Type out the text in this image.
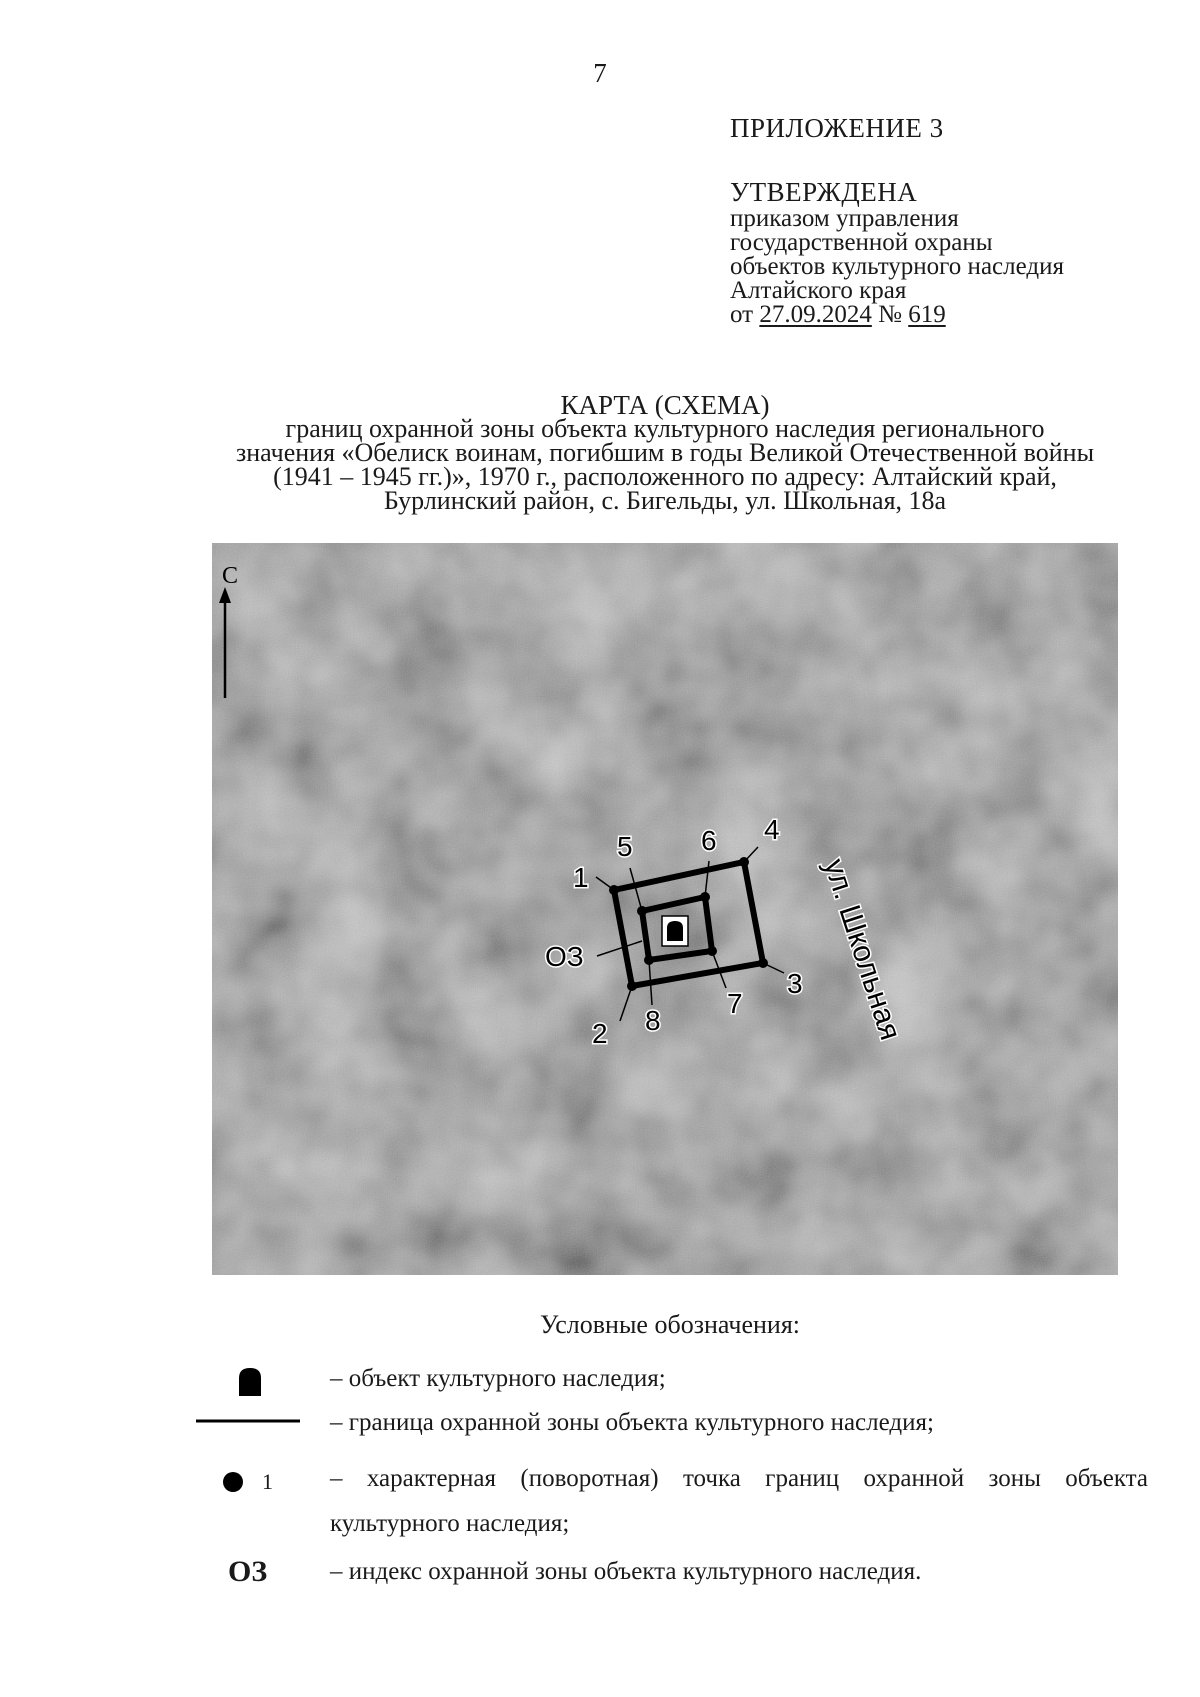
7
ПРИЛОЖЕНИЕ 3
УТВЕРЖДЕНА
приказом управления
государственной охраны
объектов культурного наследия
Алтайского края
от 27.09.2024 № 619
КАРТА (СХЕМА)
границ охранной зоны объекта культурного наследия регионального
значения «Обелиск воинам, погибшим в годы Великой Отечественной войны
(1941 – 1945 гг.)», 1970 г., расположенного по адресу: Алтайский край,
Бурлинский район, с. Бигельды, ул. Школьная, 18а
С
1
2
3
4
5 6
7
8
ОЗ	ул. Школьная
Условные обозначения:
– объект культурного наследия;
– граница охранной зоны объекта культурного наследия;
1 – характерная (поворотная) точка границ охранной зоны объекта
культурного наследия;
ОЗ	– индекс охранной зоны объекта культурного наследия.
